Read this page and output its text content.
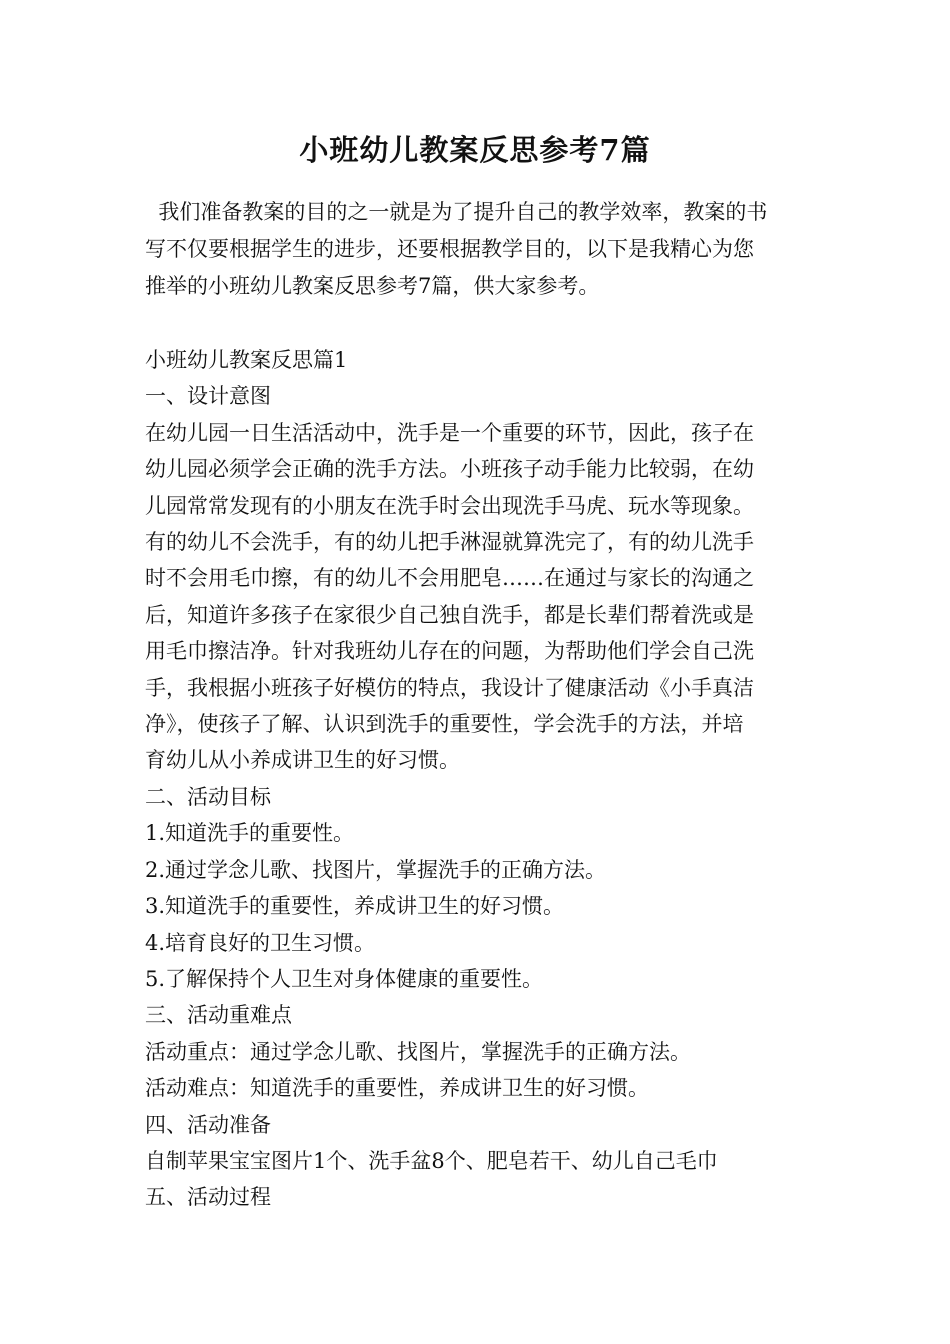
小班幼儿教案反思参考7篇
我们准备教案的目的之一就是为了提升自己的教学效率，教案的书
写不仅要根据学生的进步，还要根据教学目的，以下是我精心为您
推举的小班幼儿教案反思参考7篇，供大家参考。
小班幼儿教案反思篇1
一、设计意图
在幼儿园一日生活活动中，洗手是一个重要的环节，因此，孩子在
幼儿园必须学会正确的洗手方法。小班孩子动手能力比较弱，在幼
儿园常常发现有的小朋友在洗手时会出现洗手马虎、玩水等现象。
有的幼儿不会洗手，有的幼儿把手淋湿就算洗完了，有的幼儿洗手
时不会用毛巾擦，有的幼儿不会用肥皂……在通过与家长的沟通之
后，知道许多孩子在家很少自己独自洗手，都是长辈们帮着洗或是
用毛巾擦洁净。针对我班幼儿存在的问题，为帮助他们学会自己洗
手，我根据小班孩子好模仿的特点，我设计了健康活动《小手真洁
净》，使孩子了解、认识到洗手的重要性，学会洗手的方法，并培
育幼儿从小养成讲卫生的好习惯。
二、活动目标
1.知道洗手的重要性。
2.通过学念儿歌、找图片，掌握洗手的正确方法。
3.知道洗手的重要性，养成讲卫生的好习惯。
4.培育良好的卫生习惯。
5.了解保持个人卫生对身体健康的重要性。
三、活动重难点
活动重点：通过学念儿歌、找图片，掌握洗手的正确方法。
活动难点：知道洗手的重要性，养成讲卫生的好习惯。
四、活动准备
自制苹果宝宝图片1个、洗手盆8个、肥皂若干、幼儿自己毛巾
五、活动过程
